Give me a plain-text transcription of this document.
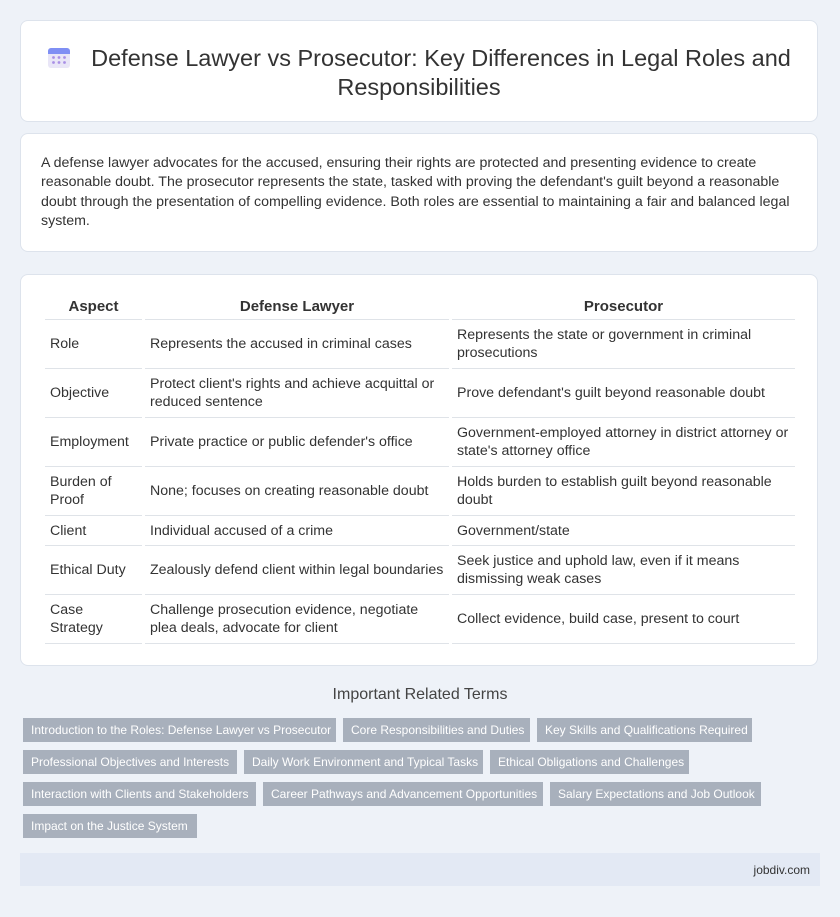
Defense Lawyer vs Prosecutor: Key Differences in Legal Roles and Responsibilities

A defense lawyer advocates for the accused, ensuring their rights are protected and presenting evidence to create reasonable doubt. The prosecutor represents the state, tasked with proving the defendant's guilt beyond a reasonable doubt through the presentation of compelling evidence. Both roles are essential to maintaining a fair and balanced legal system.

Aspect	Defense Lawyer	Prosecutor
Role	Represents the accused in criminal cases	Represents the state or government in criminal prosecutions
Objective	Protect client's rights and achieve acquittal or reduced sentence	Prove defendant's guilt beyond reasonable doubt
Employment	Private practice or public defender's office	Government-employed attorney in district attorney or state's attorney office
Burden of Proof	None; focuses on creating reasonable doubt	Holds burden to establish guilt beyond reasonable doubt
Client	Individual accused of a crime	Government/state
Ethical Duty	Zealously defend client within legal boundaries	Seek justice and uphold law, even if it means dismissing weak cases
Case Strategy	Challenge prosecution evidence, negotiate plea deals, advocate for client	Collect evidence, build case, present to court
Important Related Terms
Introduction to the Roles: Defense Lawyer vs Prosecutor	Core Responsibilities and Duties	Key Skills and Qualifications Required
Professional Objectives and Interests	Daily Work Environment and Typical Tasks	Ethical Obligations and Challenges
Interaction with Clients and Stakeholders	Career Pathways and Advancement Opportunities	Salary Expectations and Job Outlook
Impact on the Justice System
jobdiv.com
